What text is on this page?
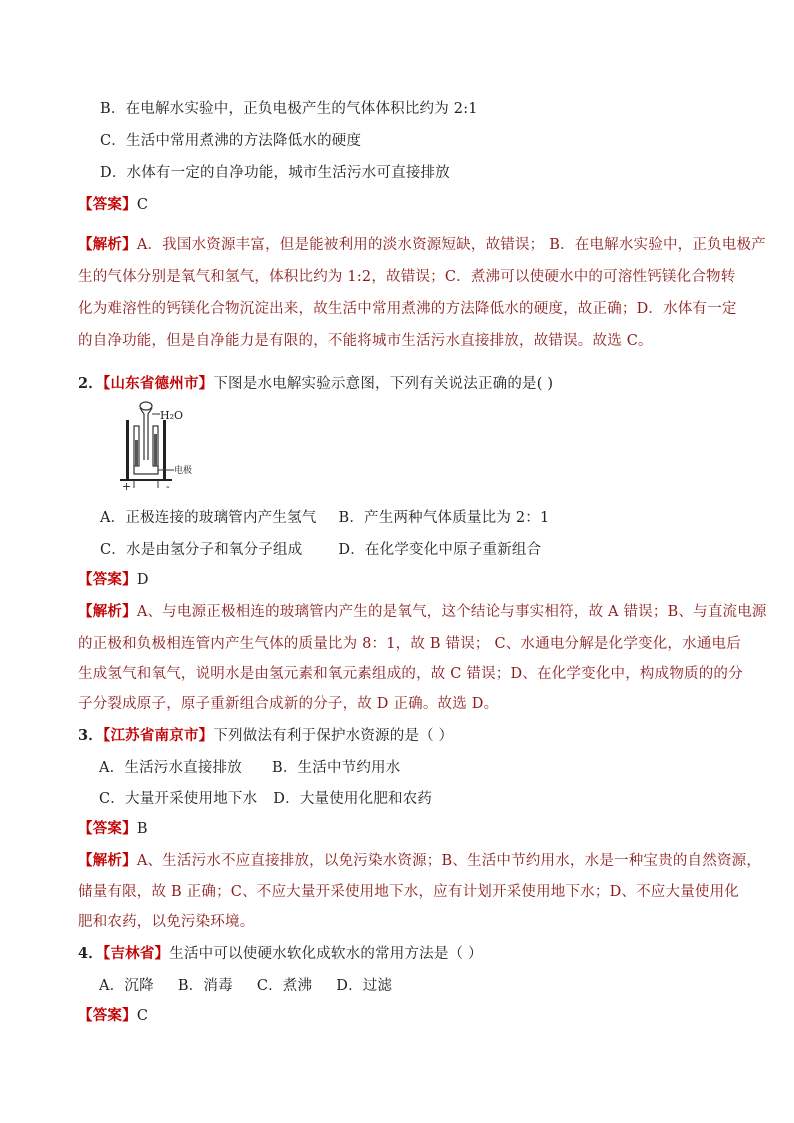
B．在电解水实验中，正负电极产生的气体体积比约为 2:1
C．生活中常用煮沸的方法降低水的硬度
D．水体有一定的自净功能，城市生活污水可直接排放
【答案】C
【解析】A．我国水资源丰富，但是能被利用的淡水资源短缺，故错误； B．在电解水实验中，正负电极产
生的气体分别是氧气和氢气，体积比约为 1:2，故错误；C．煮沸可以使硬水中的可溶性钙镁化合物转
化为难溶性的钙镁化合物沉淀出来，故生活中常用煮沸的方法降低水的硬度，故正确；D．水体有一定
的自净功能，但是自净能力是有限的，不能将城市生活污水直接排放，故错误。故选 C。
2．【山东省德州市】下图是水电解实验示意图，下列有关说法正确的是( )
电极
H₂O
+	-
A．正极连接的玻璃管内产生氢气 B．产生两种气体质量比为 2：1
C．水是由氢分子和氧分子组成 D．在化学变化中原子重新组合
【答案】D
【解析】A、与电源正极相连的玻璃管内产生的是氧气，这个结论与事实相符，故 A 错误；B、与直流电源
的正极和负极相连管内产生气体的质量比为 8：1，故 B 错误； C、水通电分解是化学变化，水通电后
生成氢气和氧气，说明水是由氢元素和氧元素组成的，故 C 错误；D、在化学变化中，构成物质的的分
子分裂成原子，原子重新组合成新的分子，故 D 正确。故选 D。
3．【江苏省南京市】下列做法有利于保护水资源的是（ ）
A．生活污水直接排放 B．生活中节约用水
C．大量开采使用地下水 D．大量使用化肥和农药
【答案】B
【解析】A、生活污水不应直接排放，以免污染水资源；B、生活中节约用水，水是一种宝贵的自然资源，
储量有限，故 B 正确；C、不应大量开采使用地下水，应有计划开采使用地下水；D、不应大量使用化
肥和农药，以免污染环境。
4．【吉林省】生活中可以使硬水软化成软水的常用方法是（ ）
A．沉降     B．消毒     C．煮沸     D．过滤
【答案】C
